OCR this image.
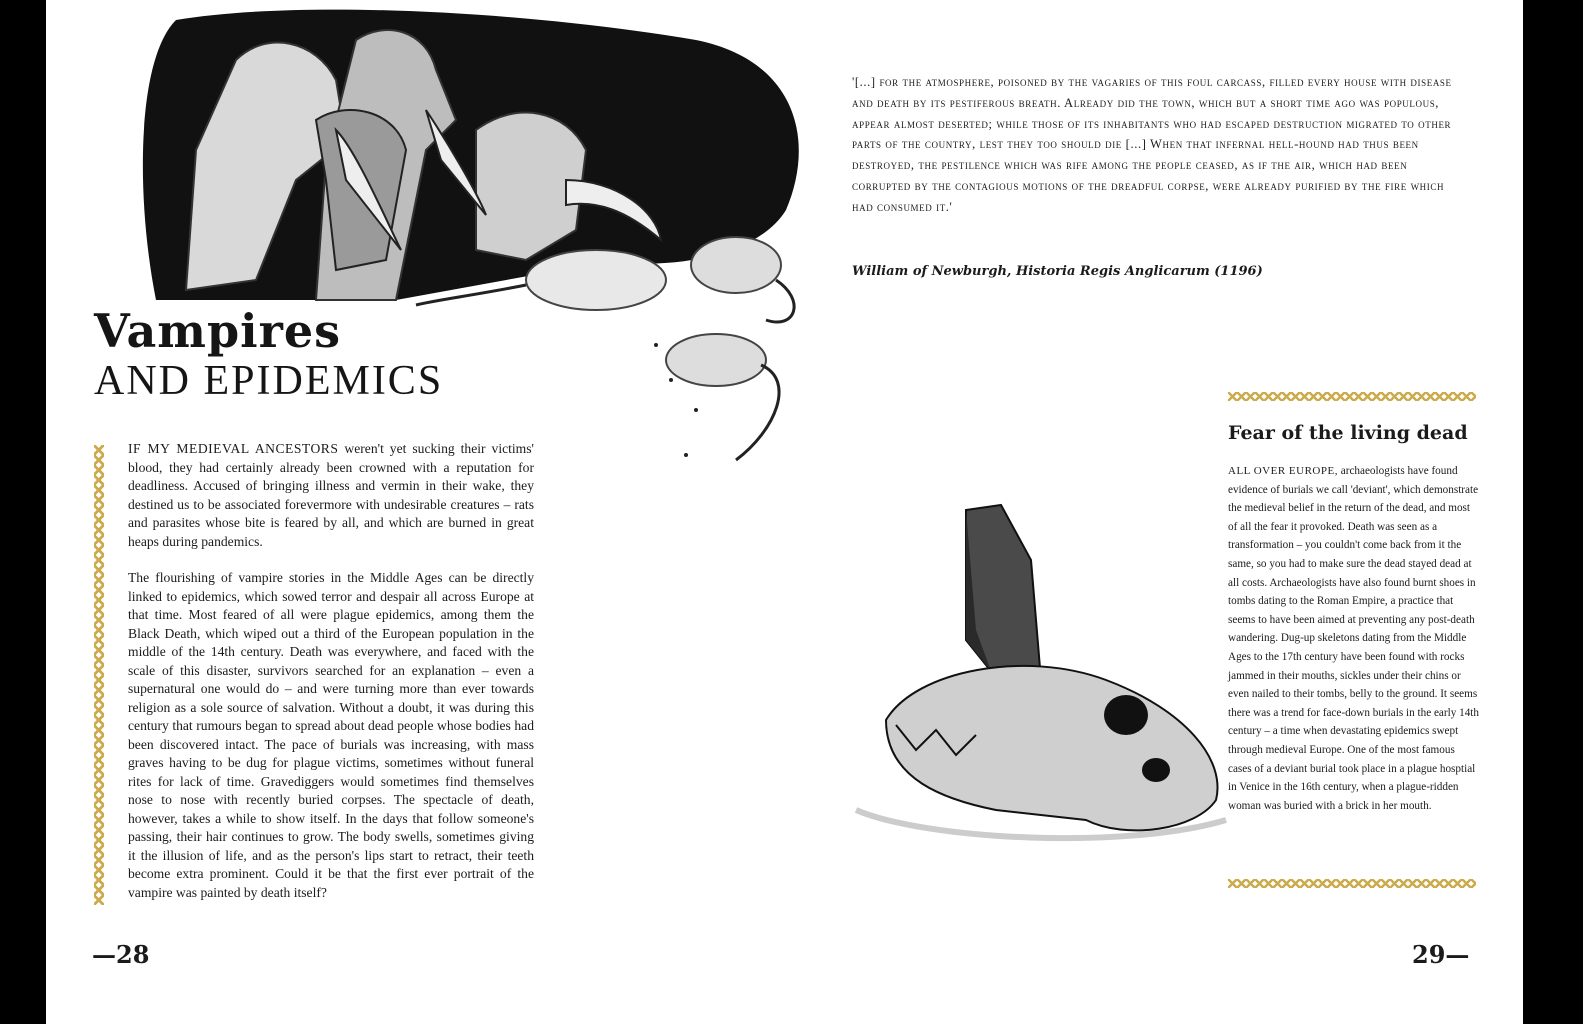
Vampires
AND EPIDEMICS

IF MY MEDIEVAL ANCESTORS weren't yet sucking their victims' blood, they had certainly already been crowned with a reputation for deadliness. Accused of bringing illness and vermin in their wake, they destined us to be associated forevermore with undesirable creatures – rats and parasites whose bite is feared by all, and which are burned in great heaps during pandemics.

The flourishing of vampire stories in the Middle Ages can be directly linked to epidemics, which sowed terror and despair all across Europe at that time. Most feared of all were plague epidemics, among them the Black Death, which wiped out a third of the European population in the middle of the 14th century. Death was everywhere, and faced with the scale of this disaster, survivors searched for an explanation – even a supernatural one would do – and were turning more than ever towards religion as a sole source of salvation. Without a doubt, it was during this century that rumours began to spread about dead people whose bodies had been discovered intact. The pace of burials was increasing, with mass graves having to be dug for plague victims, sometimes without funeral rites for lack of time. Gravediggers would sometimes find themselves nose to nose with recently buried corpses. The spectacle of death, however, takes a while to show itself. In the days that follow someone's passing, their hair continues to grow. The body swells, sometimes giving it the illusion of life, and as the person's lips start to retract, their teeth become extra prominent. Could it be that the first ever portrait of the vampire was painted by death itself?

—28
'[...] for the atmosphere, poisoned by the vagaries of this foul carcass, filled every house with disease and death by its pestiferous breath. Already did the town, which but a short time ago was populous, appear almost deserted; while those of its inhabitants who had escaped destruction migrated to other parts of the country, lest they too should die [...] When that infernal hell-hound had thus been destroyed, the pestilence which was rife among the people ceased, as if the air, which had been corrupted by the contagious motions of the dreadful corpse, were already purified by the fire which had consumed it.'
William of Newburgh, Historia Regis Anglicarum (1196)
Fear of the living dead
ALL OVER EUROPE, archaeologists have found evidence of burials we call 'deviant', which demonstrate the medieval belief in the return of the dead, and most of all the fear it provoked. Death was seen as a transformation – you couldn't come back from it the same, so you had to make sure the dead stayed dead at all costs. Archaeologists have also found burnt shoes in tombs dating to the Roman Empire, a practice that seems to have been aimed at preventing any post-death wandering. Dug-up skeletons dating from the Middle Ages to the 17th century have been found with rocks jammed in their mouths, sickles under their chins or even nailed to their tombs, belly to the ground. It seems there was a trend for face-down burials in the early 14th century – a time when devastating epidemics swept through medieval Europe. One of the most famous cases of a deviant burial took place in a plague hosptial in Venice in the 16th century, when a plague-ridden woman was buried with a brick in her mouth.
29—
